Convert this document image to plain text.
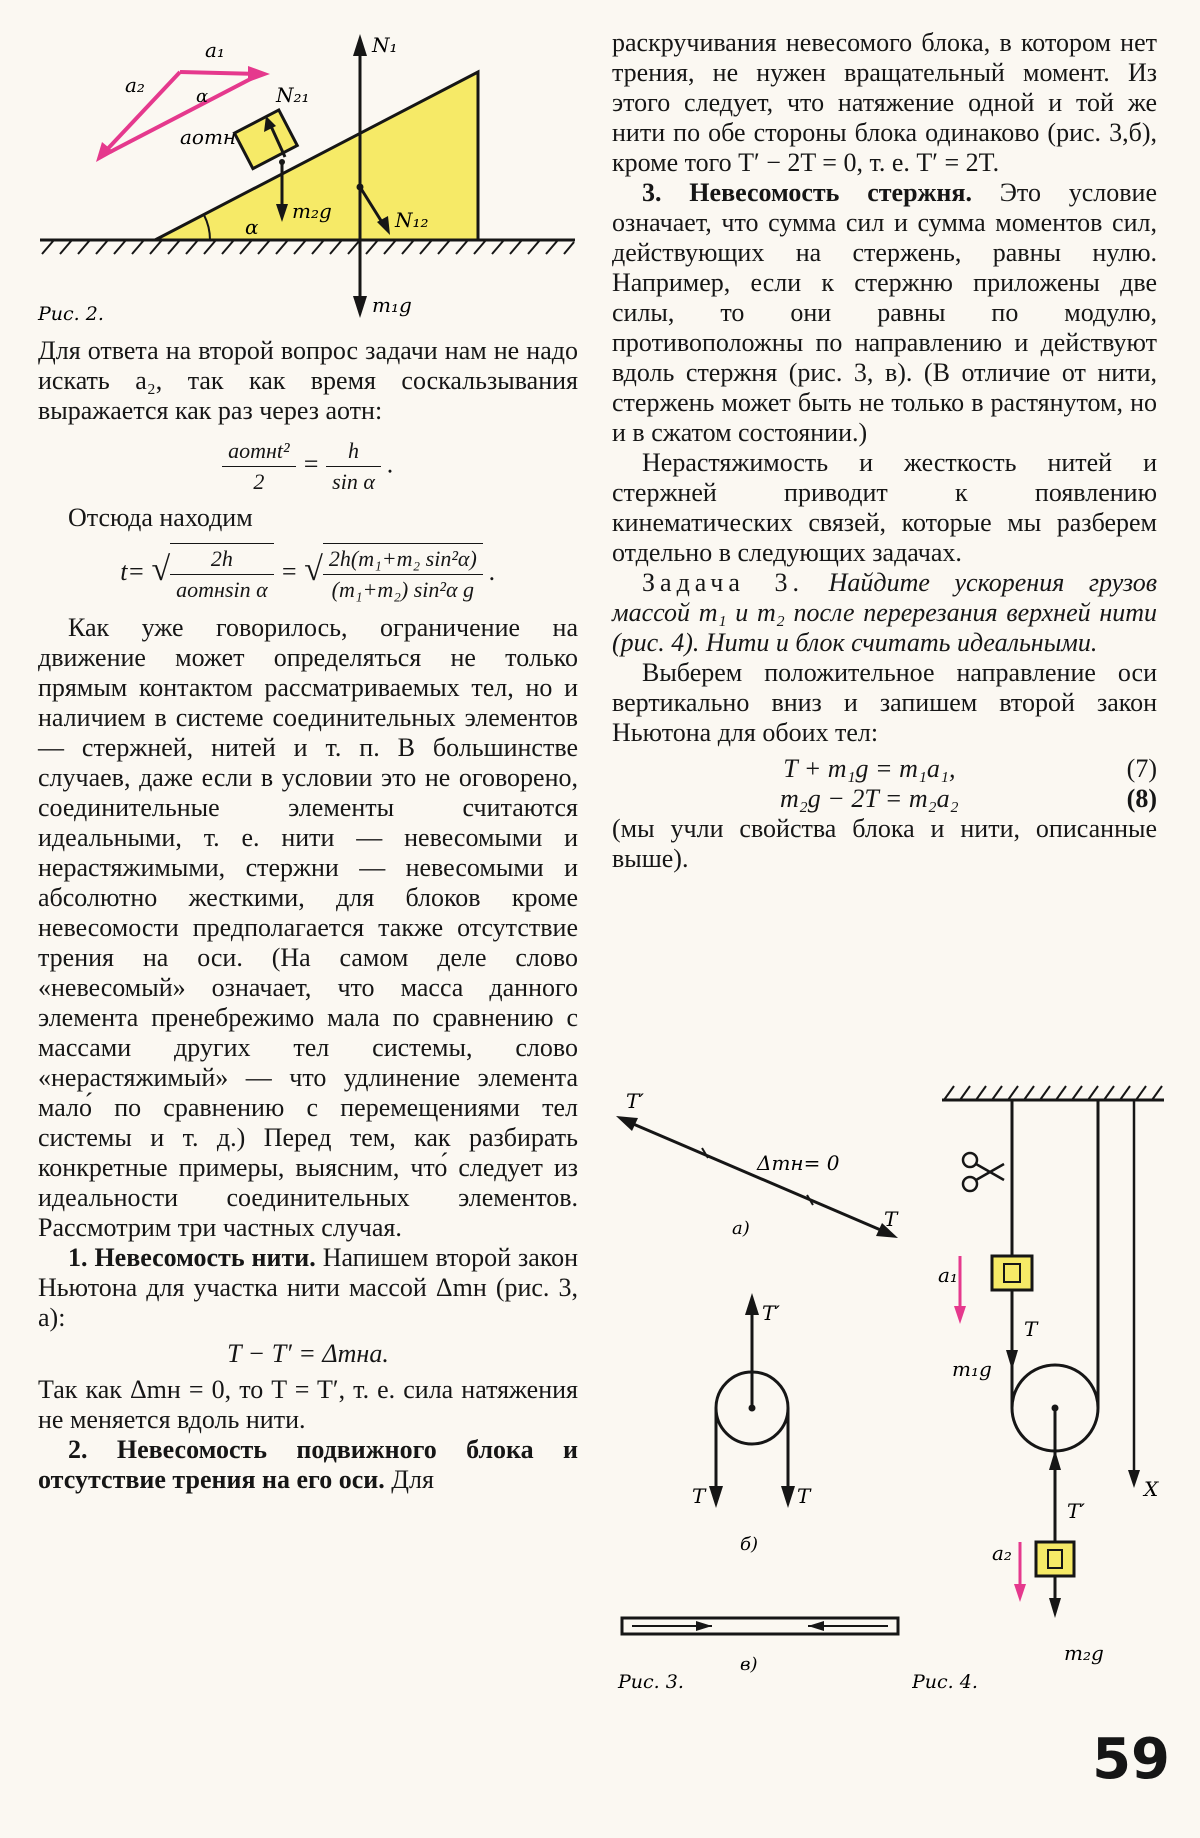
a₁
a₂	α
aотн
N₁
N₂₁
m₂g	N₁₂
α
m₁g
Рис. 2.

Для ответа на второй вопрос задачи нам не надо искать a₂, так как время соскальзывания выражается как раз через aотн:

$\frac{\text{aотнt²}}{2} = \frac{h}{\text{sin α}}$ .

Отсюда находим

t= √ $\frac{2h}{\text{aотнsin α}}$ = √ $\frac{\text{2h(m₁+m₂ sin²α)}}{\text{(m₁+m₂) sin²α g}}$ .

Как уже говорилось, ограничение на движение может определяться не только прямым контактом рассматриваемых тел, но и наличием в системе соединительных элементов — стержней, нитей и т. п. В большинстве случаев, даже если в условии это не оговорено, соединительные элементы считаются идеальными, т. е. нити — невесомыми и нерастяжимыми, стержни — невесомыми и абсолютно жесткими, для блоков кроме невесомости предполагается также отсутствие трения на оси. (На самом деле слово «невесомый» означает, что масса данного элемента пренебрежимо мала по сравнению с массами других тел системы, слово «нерастяжимый» — что удлинение элемента мало́ по сравнению с перемещениями тел системы и т. д.) Перед тем, как разбирать конкретные примеры, выясним, что́ следует из идеальности соединительных элементов. Рассмотрим три частных случая.

1. Невесомость нити. Напишем второй закон Ньютона для участка нити массой Δmн (рис. 3, a):

T − T′ = Δmнa.

Так как Δmн = 0, то T = T′, т. е. сила натяжения не меняется вдоль нити.

2. Невесомость подвижного блока и отсутствие трения на его оси. Для

раскручивания невесомого блока, в котором нет трения, не нужен вращательный момент. Из этого следует, что натяжение одной и той же нити по обе стороны блока одинаково (рис. 3,б), кроме того T′ − 2T = 0, т. е. T′ = 2T.

3. Невесомость стержня. Это условие означает, что сумма сил и сумма моментов сил, действующих на стержень, равны нулю. Например, если к стержню приложены две силы, то они равны по модулю, противоположны по направлению и действуют вдоль стержня (рис. 3, в). (В отличие от нити, стержень может быть не только в растянутом, но и в сжатом состоянии.)

Нерастяжимость и жесткость нитей и стержней приводит к появлению кинематических связей, которые мы разберем отдельно в следующих задачах.

Задача 3. Найдите ускорения грузов массой m₁ и m₂ после перерезания верхней нити (рис. 4). Нити и блок считать идеальными.

Выберем положительное направление оси вертикально вниз и запишем второй закон Ньютона для обоих тел:

T + m₁g = m₁a₁,	(7)
m₂g − 2T = m₂a₂	(8)

(мы учли свойства блока и нити, описанные выше).

T′
T
Δmн= 0
а)
T′
T	T
б)
в)
Рис. 3.
a₁
T
m₁g
T′
a₂
m₂g
X
Рис. 4.
59
